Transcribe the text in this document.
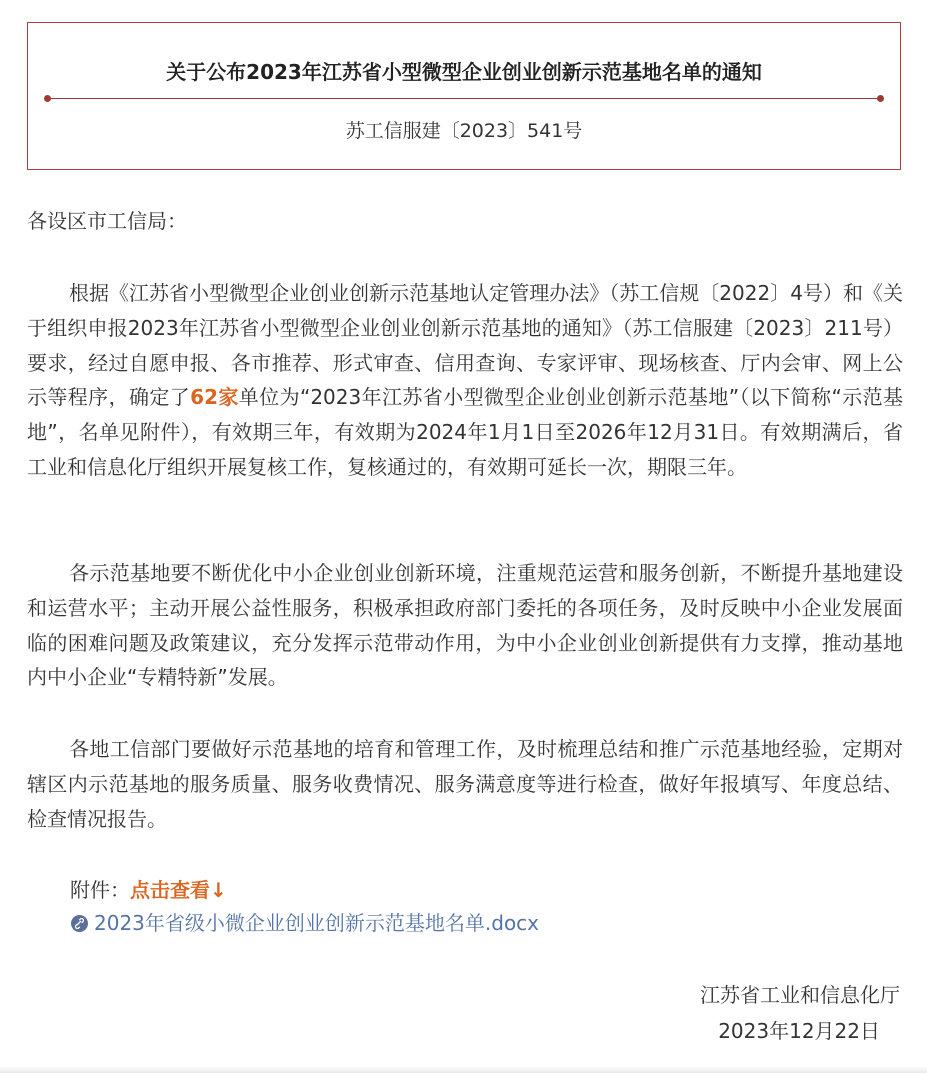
关于公布2023年江苏省小型微型企业创业创新示范基地名单的通知
苏工信服建〔2023〕541号
各设区市工信局：

根据《江苏省小型微型企业创业创新示范基地认定管理办法》（苏工信规〔2022〕4号）和《关于组织申报2023年江苏省小型微型企业创业创新示范基地的通知》（苏工信服建〔2023〕211号）要求，经过自愿申报、各市推荐、形式审查、信用查询、专家评审、现场核查、厅内会审、网上公示等程序，确定了62家单位为“2023年江苏省小型微型企业创业创新示范基地”（以下简称“示范基地”，名单见附件），有效期三年，有效期为2024年1月1日至2026年12月31日。有效期满后，省工业和信息化厅组织开展复核工作，复核通过的，有效期可延长一次，期限三年。

各示范基地要不断优化中小企业创业创新环境，注重规范运营和服务创新，不断提升基地建设和运营水平；主动开展公益性服务，积极承担政府部门委托的各项任务，及时反映中小企业发展面临的困难问题及政策建议，充分发挥示范带动作用，为中小企业创业创新提供有力支撑，推动基地内中小企业“专精特新”发展。

各地工信部门要做好示范基地的培育和管理工作，及时梳理总结和推广示范基地经验，定期对辖区内示范基地的服务质量、服务收费情况、服务满意度等进行检查，做好年报填写、年度总结、检查情况报告。

附件：点击查看↓
2023年省级小微企业创业创新示范基地名单.docx
江苏省工业和信息化厅
2023年12月22日
